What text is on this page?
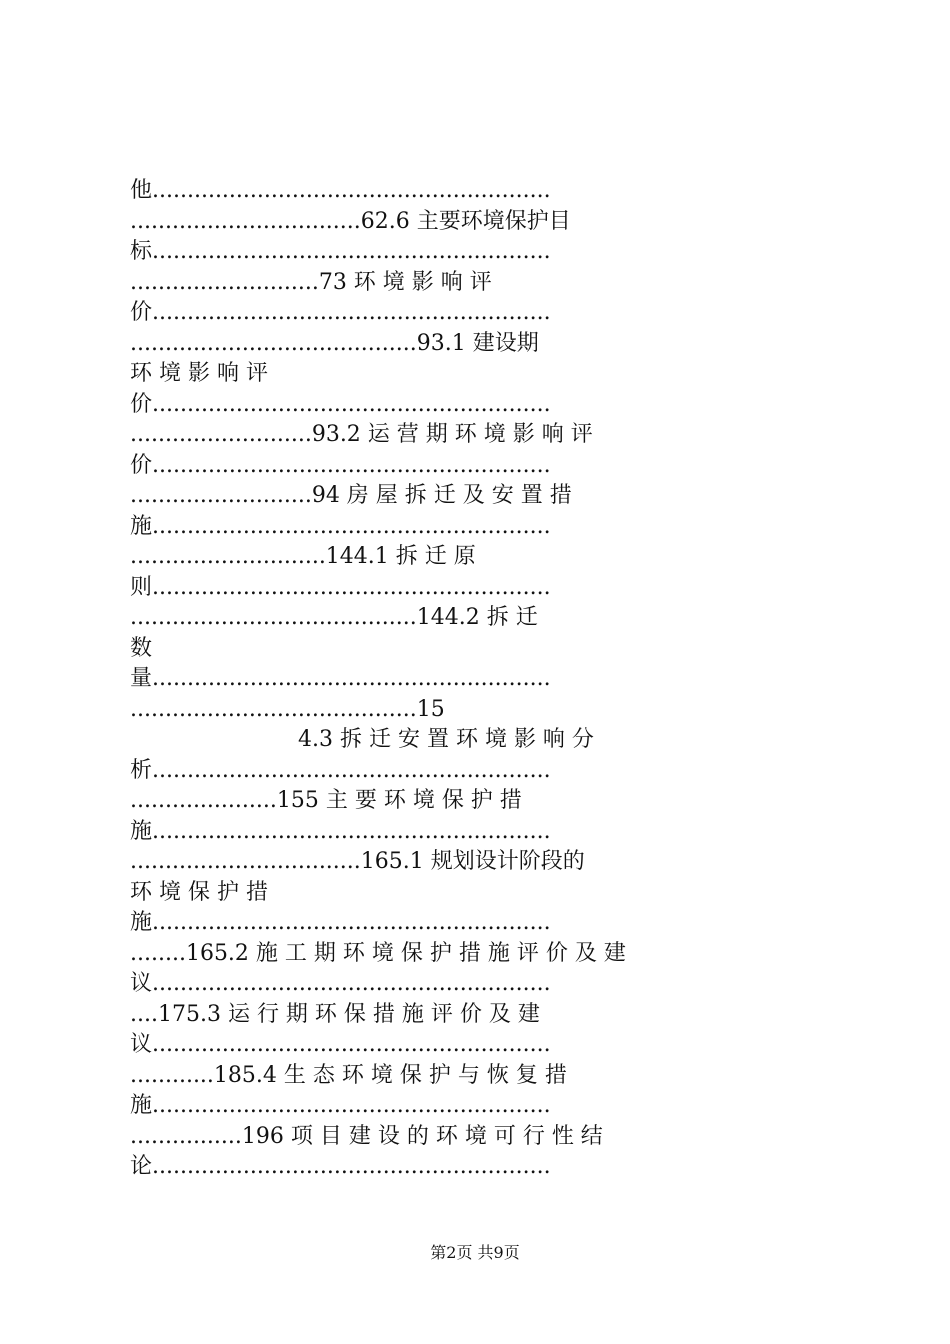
他.........................................................
.................................62.6 主要环境保护目
标.........................................................
...........................73 环 境 影 响 评
价.........................................................
.........................................93.1 建设期
环 境 影 响 评
价.........................................................
..........................93.2 运 营 期 环 境 影 响 评
价.........................................................
..........................94 房 屋 拆 迁 及 安 置 措
施.........................................................
............................144.1 拆 迁 原
则.........................................................
.........................................144.2 拆 迁
数
量.........................................................
.........................................15
4.3 拆 迁 安 置 环 境 影 响 分
析.........................................................
.....................155 主 要 环 境 保 护 措
施.........................................................
.................................165.1 规划设计阶段的
环 境 保 护 措
施.........................................................
........165.2 施 工 期 环 境 保 护 措 施 评 价 及 建
议.........................................................
....175.3 运 行 期 环 保 措 施 评 价 及 建
议.........................................................
............185.4 生 态 环 境 保 护 与 恢 复 措
施.........................................................
................196 项 目 建 设 的 环 境 可 行 性 结
论.........................................................
第2页 共9页
